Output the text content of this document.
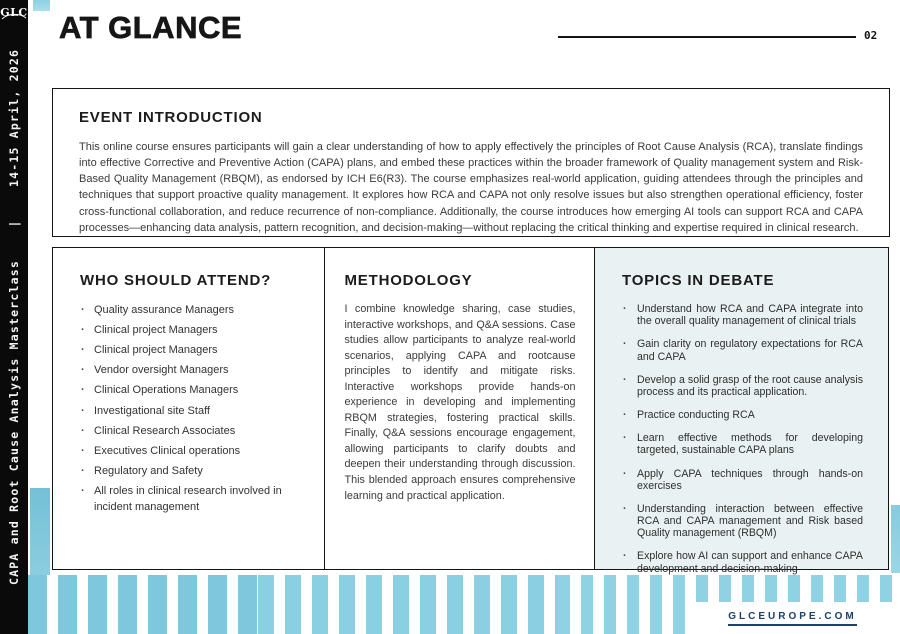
GLC
CAPA and Root Cause Analysis Masterclass    |    14-15 April, 2026
AT GLANCE	02
EVENT INTRODUCTION

This online course ensures participants will gain a clear understanding of how to apply effectively the principles of Root Cause Analysis (RCA), translate findings into effective Corrective and Preventive Action (CAPA) plans, and embed these practices within the broader framework of Quality management system and Risk-Based Quality Management (RBQM), as endorsed by ICH E6(R3). The course emphasizes real-world application, guiding attendees through the principles and techniques that support proactive quality management. It explores how RCA and CAPA not only resolve issues but also strengthen operational efficiency, foster cross-functional collaboration, and reduce recurrence of non-compliance. Additionally, the course introduces how emerging AI tools can support RCA and CAPA processes—enhancing data analysis, pattern recognition, and decision-making—without replacing the critical thinking and expertise required in clinical research.

WHO SHOULD ATTEND?
· Quality assurance Managers
· Clinical project Managers
· Clinical project Managers
· Vendor oversight Managers
· Clinical Operations Managers
· Investigational site Staff
· Clinical Research Associates
· Executives Clinical operations
· Regulatory and Safety
· All roles in clinical research involved in incident management
METHODOLOGY

I combine knowledge sharing, case studies, interactive workshops, and Q&A sessions. Case studies allow participants to analyze real-world scenarios, applying CAPA and rootcause principles to identify and mitigate risks. Interactive workshops provide hands-on experience in developing and implementing RBQM strategies, fostering practical skills. Finally, Q&A sessions encourage engagement, allowing participants to clarify doubts and deepen their understanding through discussion. This blended approach ensures comprehensive learning and practical application.

TOPICS IN DEBATE
· Understand how RCA and CAPA integrate into the overall quality management of clinical trials
· Gain clarity on regulatory expectations for RCA and CAPA
· Develop a solid grasp of the root cause analysis process and its practical application.
· Practice conducting RCA
· Learn effective methods for developing targeted, sustainable CAPA plans
· Apply CAPA techniques through hands-on exercises
· Understanding interaction between effective RCA and CAPA management and Risk based Quality management (RBQM)
· Explore how AI can support and enhance CAPA development and decision-making
GLCEUROPE.COM
